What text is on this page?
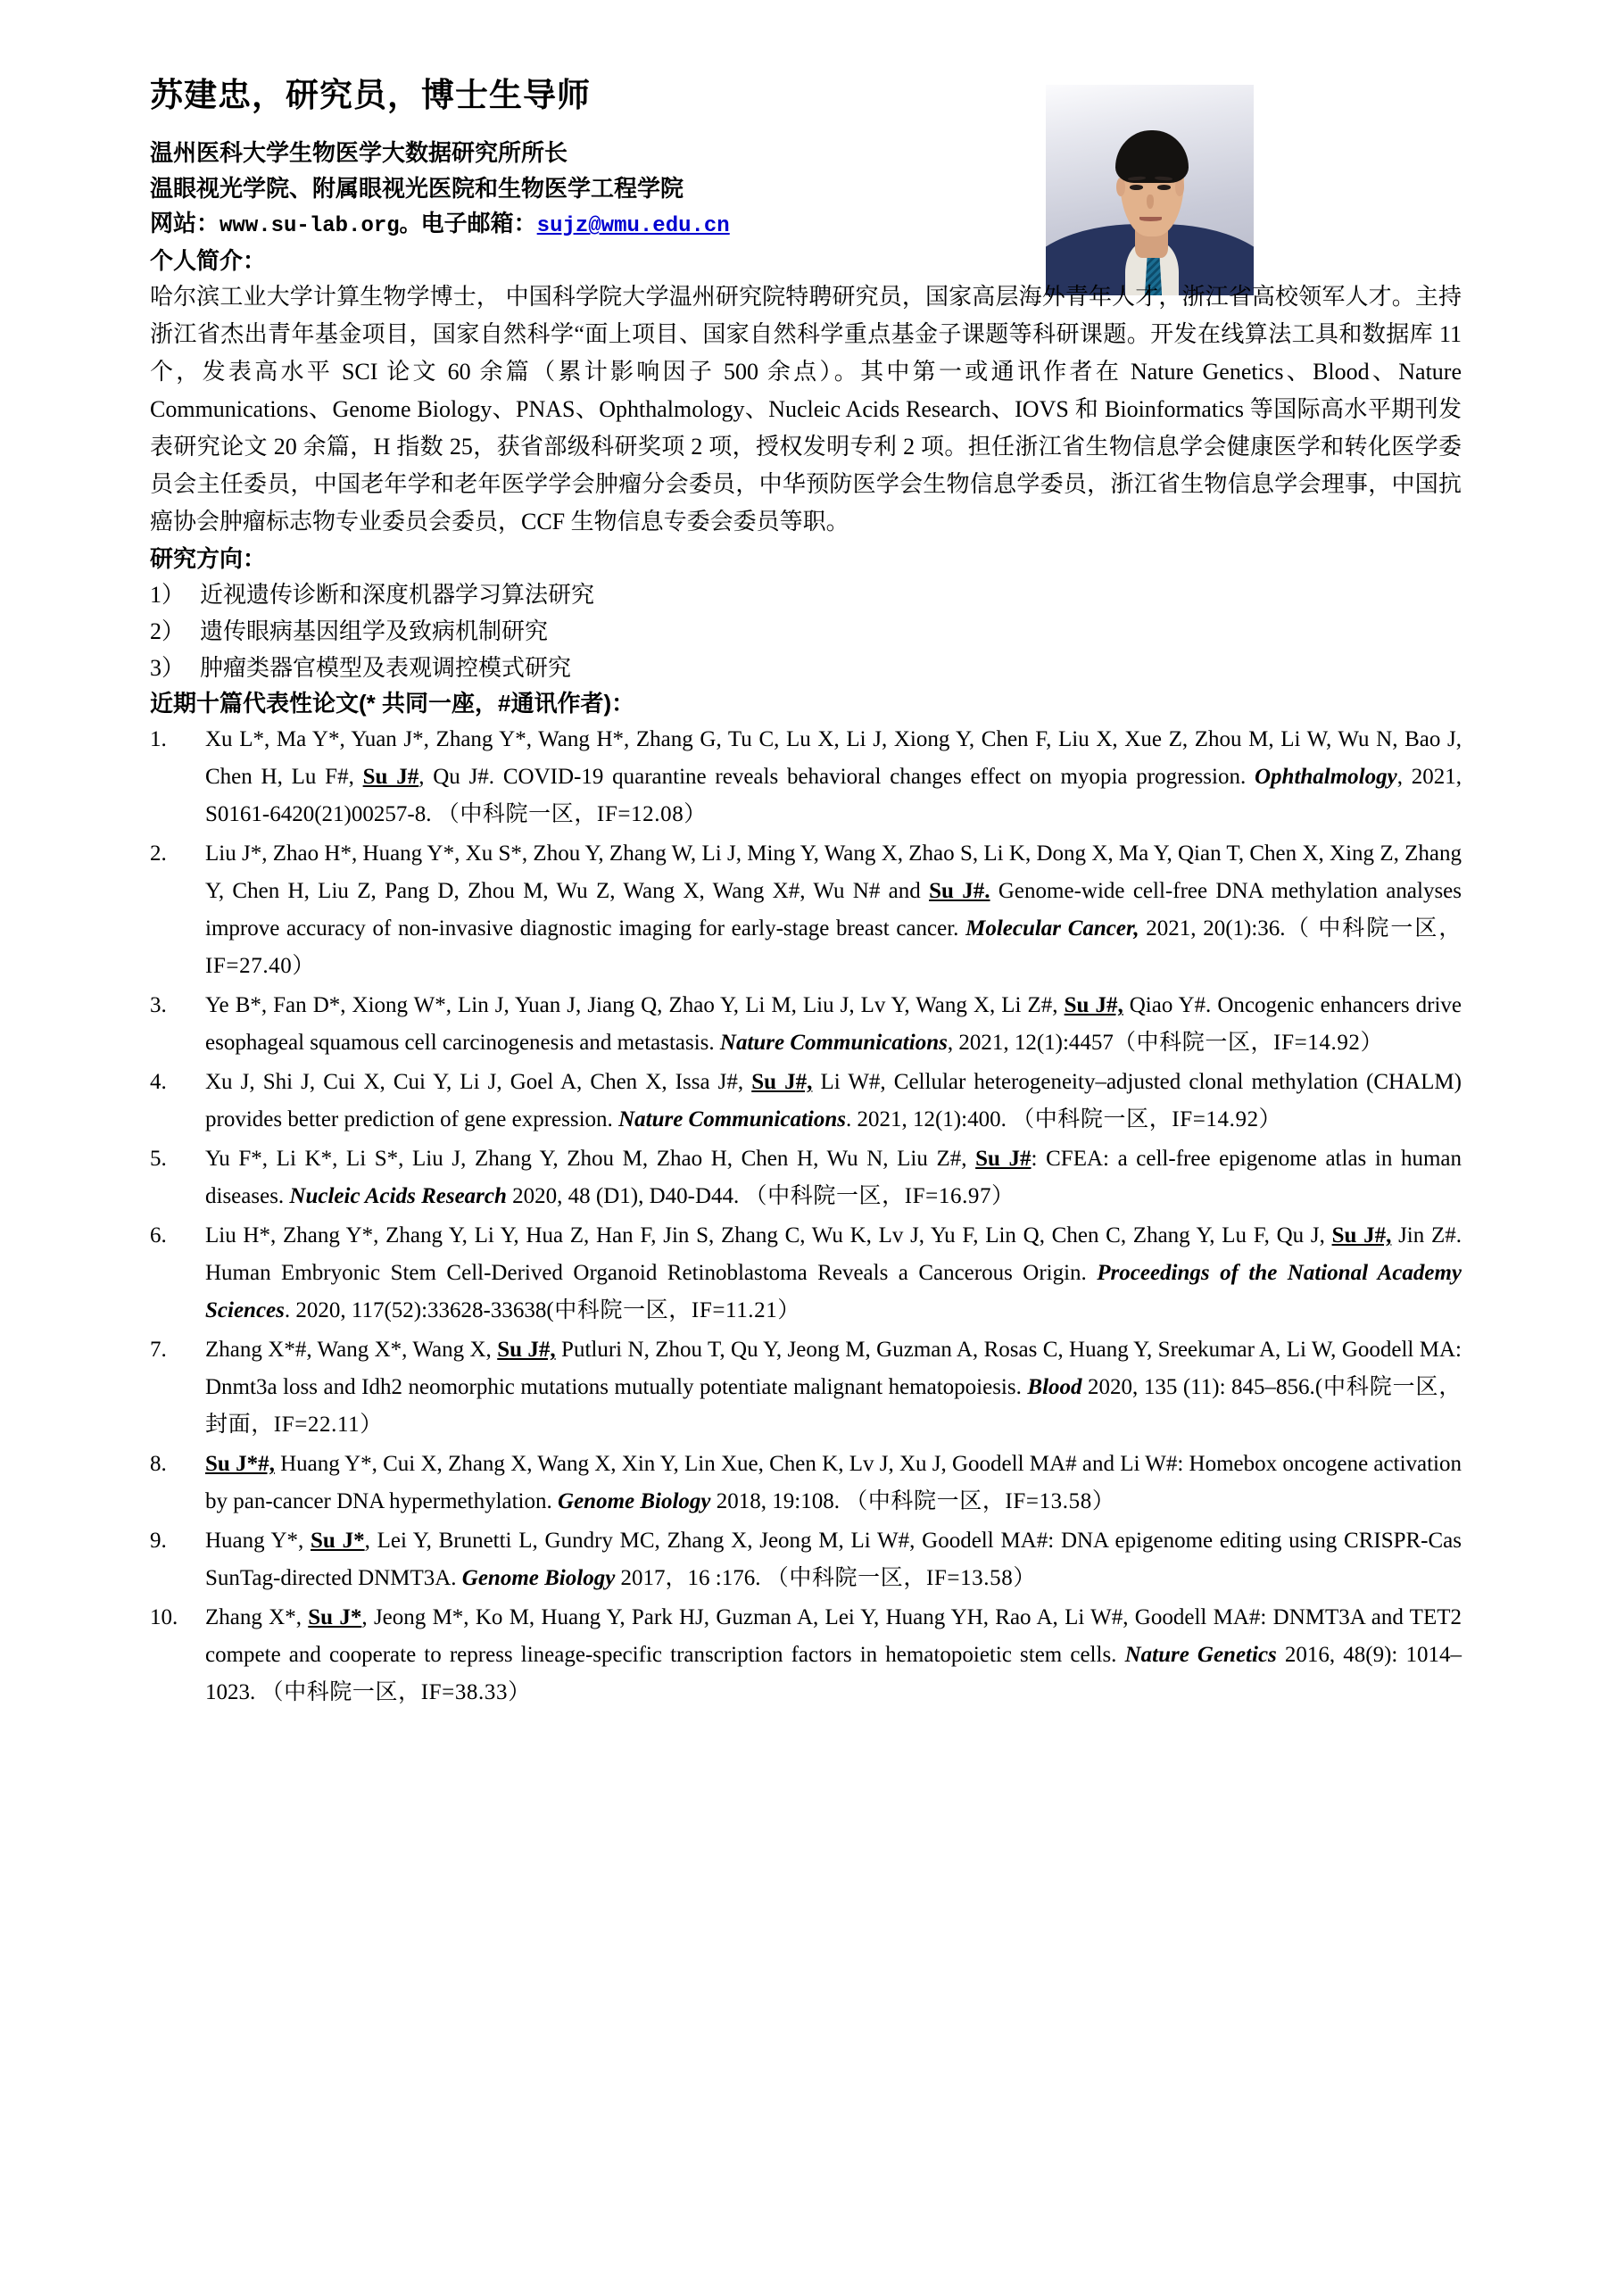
苏建忠，研究员，博士生导师
温州医科大学生物医学大数据研究所所长
温眼视光学院、附属眼视光医院和生物医学工程学院
网站：www.su-lab.org。电子邮箱：sujz@wmu.edu.cn
个人简介：

哈尔滨工业大学计算生物学博士， 中国科学院大学温州研究院特聘研究员，国家高层海外青年人才，浙江省高校领军人才。主持浙江省杰出青年基金项目，国家自然科学“面上项目、国家自然科学重点基金子课题等科研课题。开发在线算法工具和数据库 11 个，发表高水平 SCI 论文 60 余篇（累计影响因子 500 余点）。其中第一或通讯作者在 Nature Genetics、Blood、Nature Communications、Genome Biology、PNAS、Ophthalmology、Nucleic Acids Research、IOVS 和 Bioinformatics 等国际高水平期刊发表研究论文 20 余篇，H 指数 25，获省部级科研奖项 2 项，授权发明专利 2 项。担任浙江省生物信息学会健康医学和转化医学委员会主任委员，中国老年学和老年医学学会肿瘤分会委员，中华预防医学会生物信息学委员，浙江省生物信息学会理事，中国抗癌协会肿瘤标志物专业委员会委员，CCF 生物信息专委会委员等职。

研究方向：
1） 近视遗传诊断和深度机器学习算法研究
2） 遗传眼病基因组学及致病机制研究
3） 肿瘤类器官模型及表观调控模式研究
近期十篇代表性论文(* 共同一座，#通讯作者)：
1.	Xu L*, Ma Y*, Yuan J*, Zhang Y*, Wang H*, Zhang G, Tu C, Lu X, Li J, Xiong Y, Chen F, Liu X, Xue Z, Zhou M, Li W, Wu N, Bao J, Chen H, Lu F#, Su J#, Qu J#. COVID-19 quarantine reveals behavioral changes effect on myopia progression. Ophthalmology, 2021, S0161-6420(21)00257-8. （中科院一区，IF=12.08）
2.	Liu J*, Zhao H*, Huang Y*, Xu S*, Zhou Y, Zhang W, Li J, Ming Y, Wang X, Zhao S, Li K, Dong X, Ma Y, Qian T, Chen X, Xing Z, Zhang Y, Chen H, Liu Z, Pang D, Zhou M, Wu Z, Wang X, Wang X#, Wu N# and Su J#. Genome-wide cell-free DNA methylation analyses improve accuracy of non-invasive diagnostic imaging for early-stage breast cancer. Molecular Cancer, 2021, 20(1):36.（ 中科院一区，IF=27.40）
3.	Ye B*, Fan D*, Xiong W*, Lin J, Yuan J, Jiang Q, Zhao Y, Li M, Liu J, Lv Y, Wang X, Li Z#, Su J#, Qiao Y#. Oncogenic enhancers drive esophageal squamous cell carcinogenesis and metastasis. Nature Communications, 2021, 12(1):4457（中科院一区，IF=14.92）
4.	Xu J, Shi J, Cui X, Cui Y, Li J, Goel A, Chen X, Issa J#, Su J#, Li W#, Cellular heterogeneity–adjusted clonal methylation (CHALM) provides better prediction of gene expression. Nature Communications. 2021, 12(1):400. （中科院一区，IF=14.92）
5.	Yu F*, Li K*, Li S*, Liu J, Zhang Y, Zhou M, Zhao H, Chen H, Wu N, Liu Z#, Su J#: CFEA: a cell-free epigenome atlas in human diseases. Nucleic Acids Research 2020, 48 (D1), D40-D44. （中科院一区，IF=16.97）
6.	Liu H*, Zhang Y*, Zhang Y, Li Y, Hua Z, Han F, Jin S, Zhang C, Wu K, Lv J, Yu F, Lin Q, Chen C, Zhang Y, Lu F, Qu J, Su J#, Jin Z#. Human Embryonic Stem Cell-Derived Organoid Retinoblastoma Reveals a Cancerous Origin. Proceedings of the National Academy Sciences. 2020, 117(52):33628-33638(中科院一区，IF=11.21）
7.	Zhang X*#, Wang X*, Wang X, Su J#, Putluri N, Zhou T, Qu Y, Jeong M, Guzman A, Rosas C, Huang Y, Sreekumar A, Li W, Goodell MA: Dnmt3a loss and Idh2 neomorphic mutations mutually potentiate malignant hematopoiesis. Blood 2020, 135 (11): 845–856.(中科院一区，封面，IF=22.11）
8.	Su J*#, Huang Y*, Cui X, Zhang X, Wang X, Xin Y, Lin Xue, Chen K, Lv J, Xu J, Goodell MA# and Li W#: Homebox oncogene activation by pan-cancer DNA hypermethylation. Genome Biology 2018, 19:108. （中科院一区，IF=13.58）
9.	Huang Y*, Su J*, Lei Y, Brunetti L, Gundry MC, Zhang X, Jeong M, Li W#, Goodell MA#: DNA epigenome editing using CRISPR-Cas SunTag-directed DNMT3A. Genome Biology 2017，16 :176. （中科院一区，IF=13.58）
10.	Zhang X*, Su J*, Jeong M*, Ko M, Huang Y, Park HJ, Guzman A, Lei Y, Huang YH, Rao A, Li W#, Goodell MA#: DNMT3A and TET2 compete and cooperate to repress lineage-specific transcription factors in hematopoietic stem cells. Nature Genetics 2016, 48(9): 1014–1023. （中科院一区，IF=38.33）
